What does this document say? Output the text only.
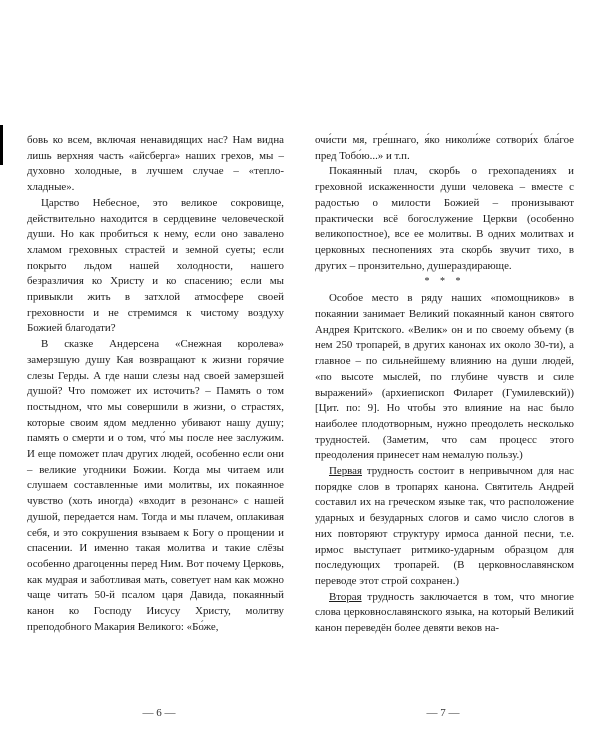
бовь ко всем, включая ненавидящих нас? Нам видна лишь верхняя часть «айсберга» наших грехов, мы – духовно холодные, в лучшем случае – «теплохладные».

Царство Небесное, это великое сокровище, действительно находится в сердцевине человеческой души. Но как пробиться к нему, если оно завалено хламом греховных страстей и земной суеты; если покрыто льдом нашей холодности, нашего безразличия ко Христу и ко спасению; если мы привыкли жить в затхлой атмосфере своей греховности и не стремимся к чистому воздуху Божией благодати?

В сказке Андерсена «Снежная королева» замерзшую душу Кая возвращают к жизни горячие слезы Герды. А где наши слезы над своей замерзшей душой? Что поможет их источить? – Память о том постыдном, что мы совершили в жизни, о страстях, которые своим ядом медленно убивают нашу душу; память о смерти и о том, что́ мы после нее заслужим. И еще поможет плач других людей, особенно если они – великие угодники Божии. Когда мы читаем или слушаем составленные ими молитвы, их покаянное чувство (хоть иногда) «входит в резонанс» с нашей душой, передается нам. Тогда и мы плачем, оплакивая себя, и это сокрушения взываем к Богу о прощении и спасении. И именно такая молитва и такие слёзы особенно драгоценны перед Ним. Вот почему Церковь, как мудрая и заботливая мать, советует нам как можно чаще читать 50-й псалом царя Давида, покаянный канон ко Господу Иисусу Христу, молитву преподобного Макария Великого: «Бо́же,

очи́сти мя, гре́шнаго, я́ко николи́же сотвори́х бла́гое пред Тобо́ю...» и т.п.

Покаянный плач, скорбь о грехопадениях и греховной искаженности души человека – вместе с радостью о милости Божией – пронизывают практически всё богослужение Церкви (особенно великопостное), все ее молитвы. В одних молитвах и церковных песнопениях эта скорбь звучит тихо, в других – пронзительно, душераздирающе.

* * *

Особое место в ряду наших «помощников» в покаянии занимает Великий покаянный канон святого Андрея Критского. «Велик» он и по своему объему (в нем 250 тропарей, в других канонах их около 30-ти), а главное – по сильнейшему влиянию на души людей, «по высоте мыслей, по глубине чувств и силе выражений» (архиепископ Филарет (Гумилевский)) [Цит. по: 9]. Но чтобы это влияние на нас было наиболее плодотворным, нужно преодолеть несколько трудностей. (Заметим, что сам процесс этого преодоления принесет нам немалую пользу.)

Первая трудность состоит в непривычном для нас порядке слов в тропарях канона. Святитель Андрей составил их на греческом языке так, что расположение ударных и безударных слогов и само число слогов в них повторяют структуру ирмоса данной песни, т.е. ирмос выступает ритмико-ударным образцом для последующих тропарей. (В церковнославянском переводе этот строй сохранен.)

Вторая трудность заключается в том, что многие слова церковнославянского языка, на который Великий канон переведён более девяти веков на-

— 6 —	— 7 —
